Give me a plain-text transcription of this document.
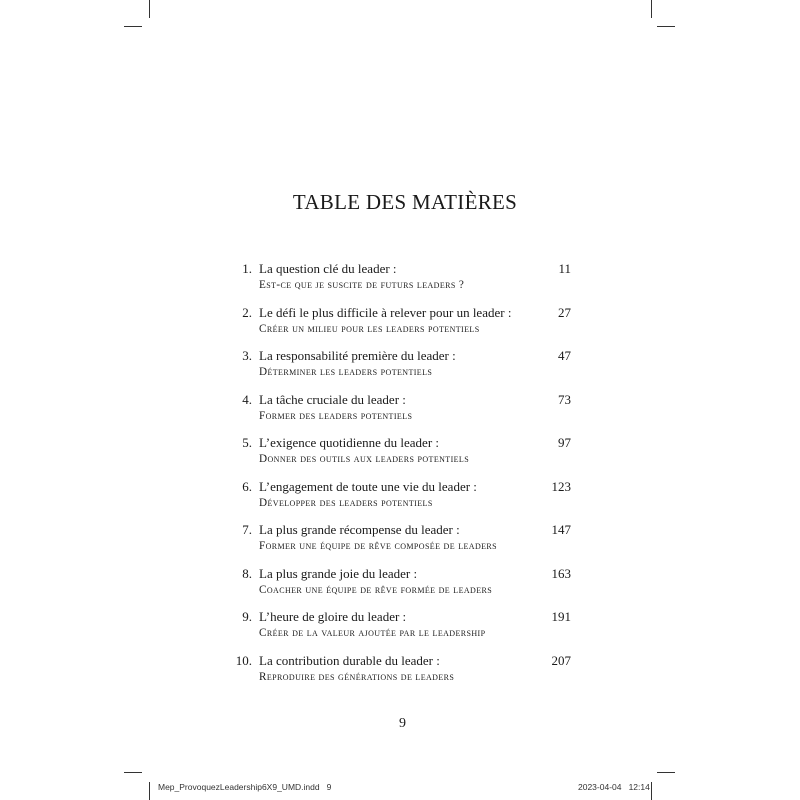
TABLE DES MATIÈRES
1. La question clé du leader :
Est-ce que je suscite de futurs leaders ?
11
2. Le défi le plus difficile à relever pour un leader :
Créer un milieu pour les leaders potentiels
27
3. La responsabilité première du leader :
Déterminer les leaders potentiels
47
4. La tâche cruciale du leader :
Former des leaders potentiels
73
5. L’exigence quotidienne du leader :
Donner des outils aux leaders potentiels
97
6. L’engagement de toute une vie du leader :
Développer des leaders potentiels
123
7. La plus grande récompense du leader :
Former une équipe de rêve composée de leaders
147
8. La plus grande joie du leader :
Coacher une équipe de rêve formée de leaders
163
9. L’heure de gloire du leader :
Créer de la valeur ajoutée par le leadership
191
10. La contribution durable du leader :
Reproduire des générations de leaders
207
9
Mep_ProvoquezLeadership6X9_UMD.indd   9	2023-04-04   12:14
